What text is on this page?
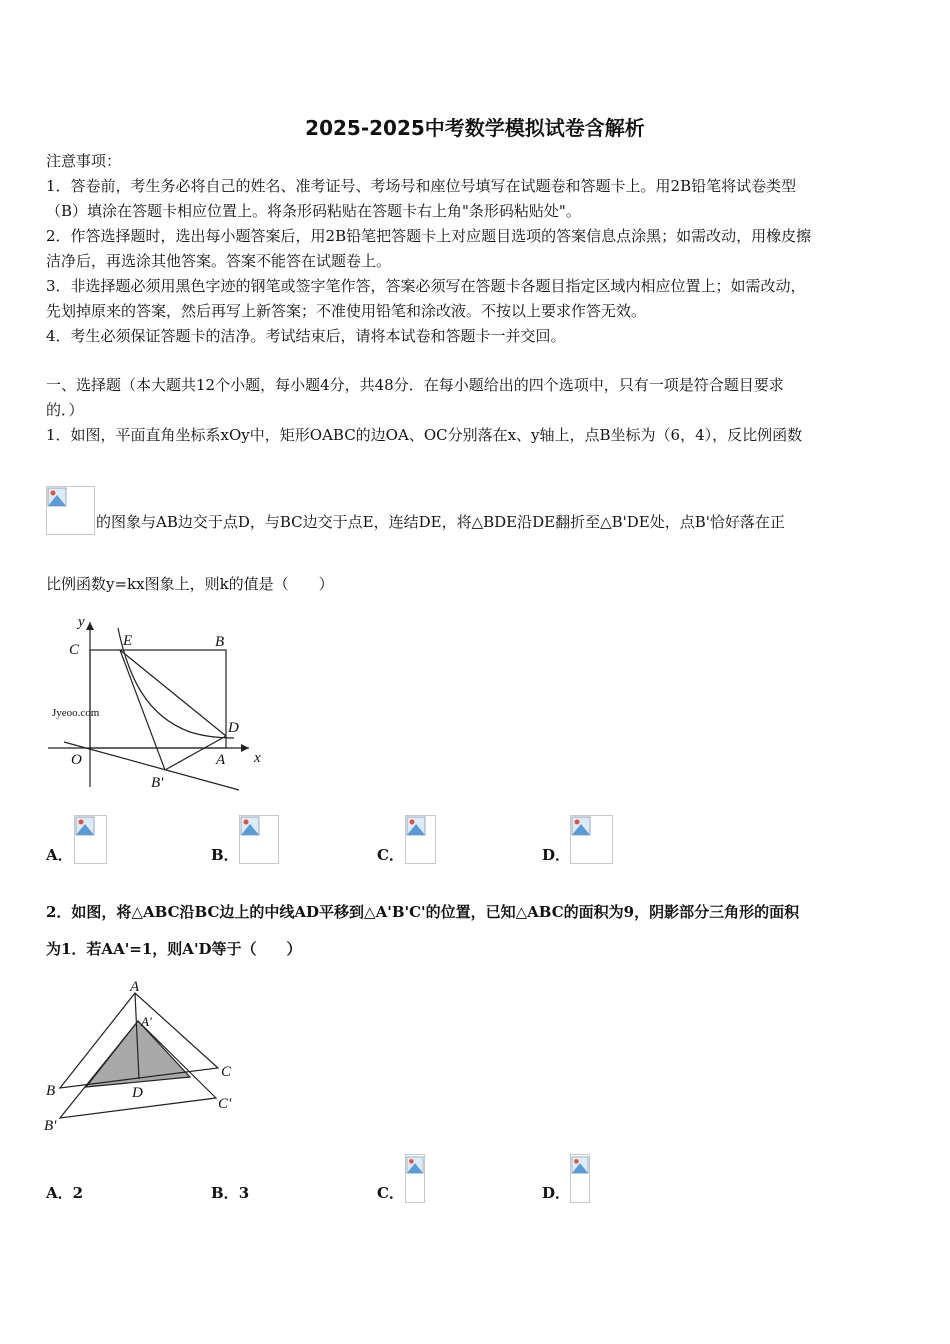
2025-2025中考数学模拟试卷含解析
注意事项：
1．答卷前，考生务必将自己的姓名、准考证号、考场号和座位号填写在试题卷和答题卡上。用2B铅笔将试卷类型
（B）填涂在答题卡相应位置上。将条形码粘贴在答题卡右上角"条形码粘贴处"。
2．作答选择题时，选出每小题答案后，用2B铅笔把答题卡上对应题目选项的答案信息点涂黑；如需改动，用橡皮擦
洁净后，再选涂其他答案。答案不能答在试题卷上。
3．非选择题必须用黑色字迹的钢笔或签字笔作答，答案必须写在答题卡各题目指定区域内相应位置上；如需改动，
先划掉原来的答案，然后再写上新答案；不准使用铅笔和涂改液。不按以上要求作答无效。
4．考生必须保证答题卡的洁净。考试结束后，请将本试卷和答题卡一并交回。
一、选择题（本大题共12个小题，每小题4分，共48分．在每小题给出的四个选项中，只有一项是符合题目要求
的．）
1．如图，平面直角坐标系xOy中，矩形OABC的边OA、OC分别落在x、y轴上，点B坐标为（6，4），反比例函数
的图象与AB边交于点D，与BC边交于点E，连结DE，将△BDE沿DE翻折至△B'DE处，点B'恰好落在正
比例函数y=kx图象上，则k的值是（　　）
Jyeoo.com
y
x
O	A
B
C
D
E
B'
A．	B．	C．	D．
2．如图，将△ABC沿BC边上的中线AD平移到△A'B'C'的位置，已知△ABC的面积为9，阴影部分三角形的面积
为1．若AA'=1，则A'D等于（　　）
A
A'
B
B'
C
C'
D
A．2	B．3	C．	D．
